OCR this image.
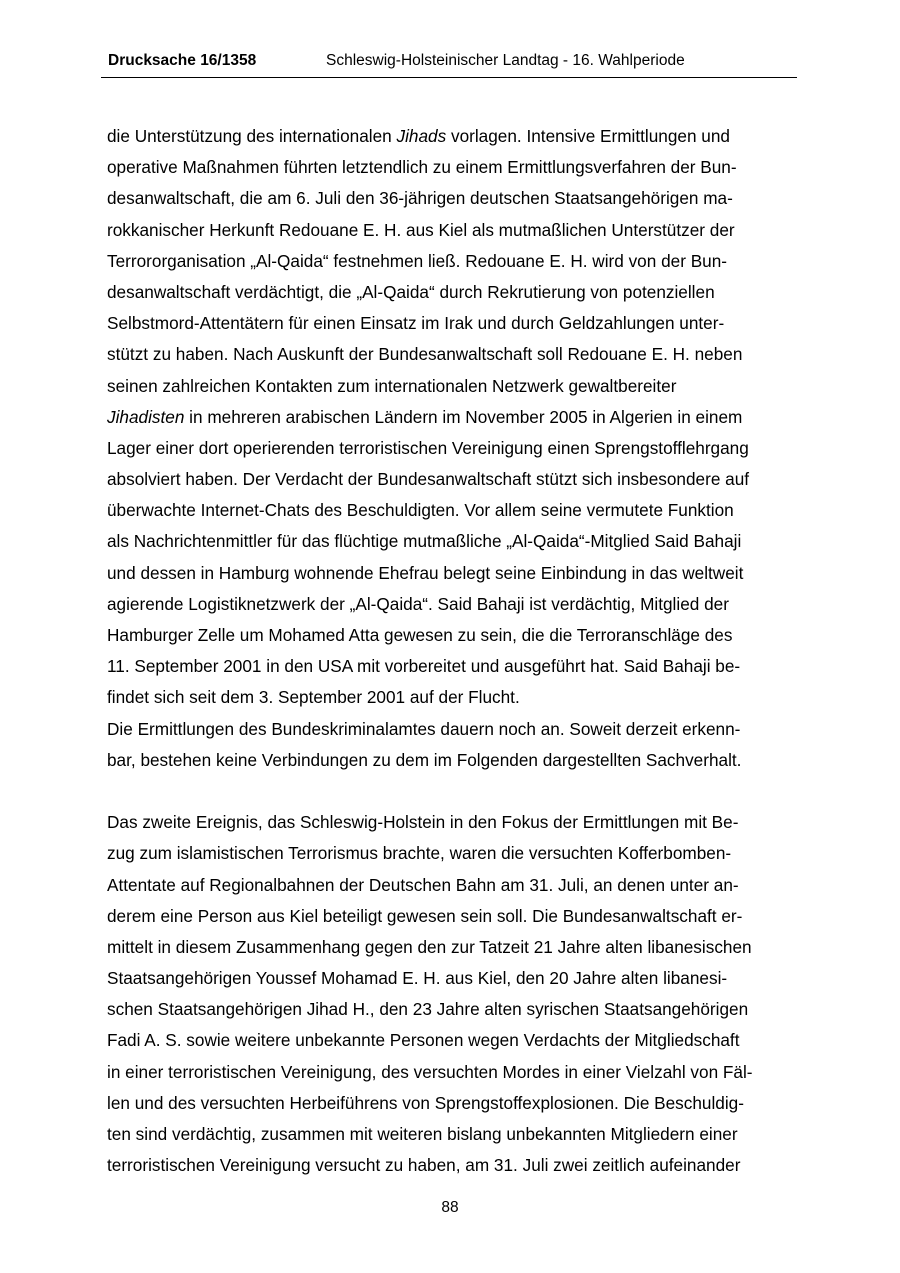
Drucksache 16/1358	Schleswig-Holsteinischer Landtag - 16. Wahlperiode
die Unterstützung des internationalen Jihads vorlagen. Intensive Ermittlungen und
operative Maßnahmen führten letztendlich zu einem Ermittlungsverfahren der Bun-
desanwaltschaft, die am 6. Juli den 36-jährigen deutschen Staatsangehörigen ma-
rokkanischer Herkunft Redouane E. H. aus Kiel als mutmaßlichen Unterstützer der
Terrororganisation „Al-Qaida“ festnehmen ließ. Redouane E. H. wird von der Bun-
desanwaltschaft verdächtigt, die „Al-Qaida“ durch Rekrutierung von potenziellen
Selbstmord-Attentätern für einen Einsatz im Irak und durch Geldzahlungen unter-
stützt zu haben. Nach Auskunft der Bundesanwaltschaft soll Redouane E. H. neben
seinen zahlreichen Kontakten zum internationalen Netzwerk gewaltbereiter
Jihadisten in mehreren arabischen Ländern im November 2005 in Algerien in einem
Lager einer dort operierenden terroristischen Vereinigung einen Sprengstofflehrgang
absolviert haben. Der Verdacht der Bundesanwaltschaft stützt sich insbesondere auf
überwachte Internet-Chats des Beschuldigten. Vor allem seine vermutete Funktion
als Nachrichtenmittler für das flüchtige mutmaßliche „Al-Qaida“-Mitglied Said Bahaji
und dessen in Hamburg wohnende Ehefrau belegt seine Einbindung in das weltweit
agierende Logistiknetzwerk der „Al-Qaida“. Said Bahaji ist verdächtig, Mitglied der
Hamburger Zelle um Mohamed Atta gewesen zu sein, die die Terroranschläge des
11. September 2001 in den USA mit vorbereitet und ausgeführt hat. Said Bahaji be-
findet sich seit dem 3. September 2001 auf der Flucht.
Die Ermittlungen des Bundeskriminalamtes dauern noch an. Soweit derzeit erkenn-
bar, bestehen keine Verbindungen zu dem im Folgenden dargestellten Sachverhalt.
Das zweite Ereignis, das Schleswig-Holstein in den Fokus der Ermittlungen mit Be-
zug zum islamistischen Terrorismus brachte, waren die versuchten Kofferbomben-
Attentate auf Regionalbahnen der Deutschen Bahn am 31. Juli, an denen unter an-
derem eine Person aus Kiel beteiligt gewesen sein soll. Die Bundesanwaltschaft er-
mittelt in diesem Zusammenhang gegen den zur Tatzeit 21 Jahre alten libanesischen
Staatsangehörigen Youssef Mohamad E. H. aus Kiel, den 20 Jahre alten libanesi-
schen Staatsangehörigen Jihad H., den 23 Jahre alten syrischen Staatsangehörigen
Fadi A. S. sowie weitere unbekannte Personen wegen Verdachts der Mitgliedschaft
in einer terroristischen Vereinigung, des versuchten Mordes in einer Vielzahl von Fäl-
len und des versuchten Herbeiführens von Sprengstoffexplosionen. Die Beschuldig-
ten sind verdächtig, zusammen mit weiteren bislang unbekannten Mitgliedern einer
terroristischen Vereinigung versucht zu haben, am 31. Juli zwei zeitlich aufeinander
88
